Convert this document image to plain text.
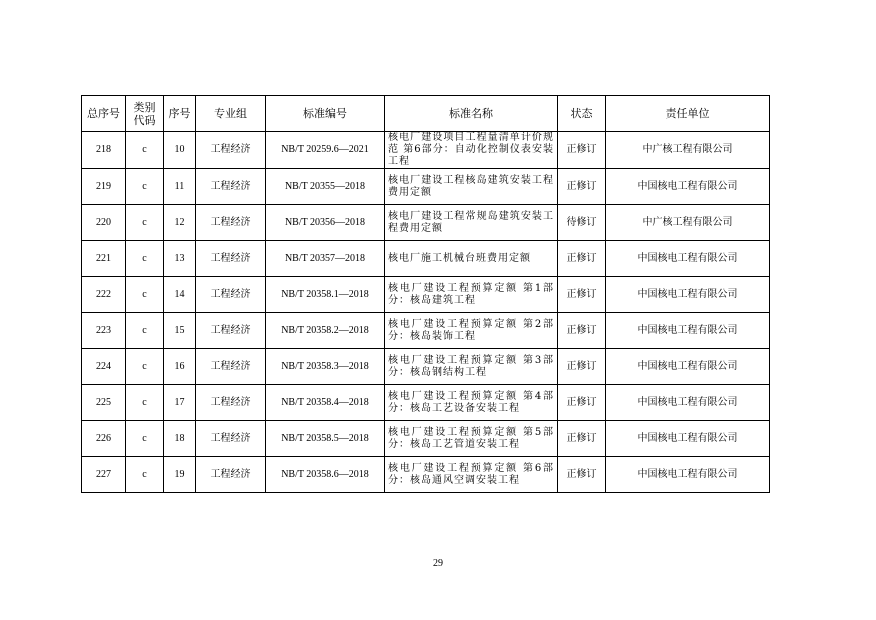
总序号	类别代码	序号	专业组	标准编号	标准名称	状态	责任单位
218	c	10	工程经济	NB/T 20259.6—2021	核电厂建设项目工程量清单计价规范 第6部分：自动化控制仪表安装工程	正修订	中广核工程有限公司
219	c	11	工程经济	NB/T 20355—2018	核电厂建设工程核岛建筑安装工程费用定额	正修订	中国核电工程有限公司
220	c	12	工程经济	NB/T 20356—2018	核电厂建设工程常规岛建筑安装工程费用定额	待修订	中广核工程有限公司
221	c	13	工程经济	NB/T 20357—2018	核电厂施工机械台班费用定额	正修订	中国核电工程有限公司
222	c	14	工程经济	NB/T 20358.1—2018	核电厂建设工程预算定额 第1部分：核岛建筑工程	正修订	中国核电工程有限公司
223	c	15	工程经济	NB/T 20358.2—2018	核电厂建设工程预算定额 第2部分：核岛装饰工程	正修订	中国核电工程有限公司
224	c	16	工程经济	NB/T 20358.3—2018	核电厂建设工程预算定额 第3部分：核岛钢结构工程	正修订	中国核电工程有限公司
225	c	17	工程经济	NB/T 20358.4—2018	核电厂建设工程预算定额 第4部分：核岛工艺设备安装工程	正修订	中国核电工程有限公司
226	c	18	工程经济	NB/T 20358.5—2018	核电厂建设工程预算定额 第5部分：核岛工艺管道安装工程	正修订	中国核电工程有限公司
227	c	19	工程经济	NB/T 20358.6—2018	核电厂建设工程预算定额 第6部分：核岛通风空调安装工程	正修订	中国核电工程有限公司
29
